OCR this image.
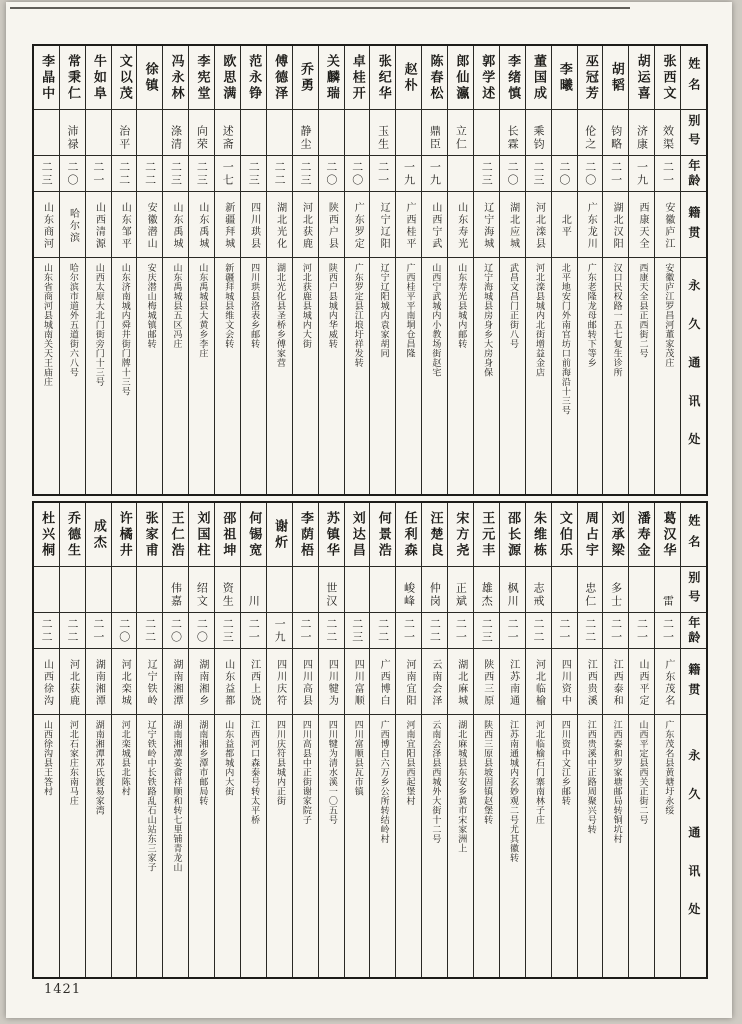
姓名
别号
年龄
籍贯
永久通讯处
张西文
效渠
二一
安徽庐江
安徽庐江罗昌河董家茂庄
胡运喜
济康
一九
西康天全
西康天全县正西街二号
胡韬
钧略
二一
湖北汉阳
汉口民权路一五七复生诊所
巫冠芳
伦之
二〇
广东龙川
广东老隆龙母邮转下等乡
李曦
二〇
北平
北平地安门外南官坊口前海沿十三号
董国成
乘钧
二三
河北滦县
河北滦县城内北街增益金店
李绪慎
长霖
二〇
湖北应城
武昌文昌门正街八号
郭学述
二三
辽宁海城
辽宁海城县房身乡大房身保
郎仙瀛
立仁
山东寿光
山东寿光县城内邮转
陈春松
鼎臣
一九
山西宁武
山西宁武城内小教场街赵宅
赵朴
一九
广西桂平
广西桂平平南垌仓昌隆
张纪华
玉生
二一
辽宁辽阳
辽宁辽阳城内袁家胡同
卓桂开
二〇
广东罗定
广东罗定县江埌圩祥发转
关麟瑞
二〇
陕西户县
陕西户县城内华威转
乔勇
静尘
二三
河北获鹿
河北获鹿县城内大街
傅德泽
二二
湖北光化
湖北光化县圣桥乡傅家营
范永铮
二三
四川珙县
四川珙县洛表乡邮转
欧思满
述斋
一七
新疆拜城
新疆拜城县维文会转
李宪堂
向荣
二三
山东禹城
山东禹城县大黄乡李庄
冯永林
涤清
二三
山东禹城
山东禹城县五区冯庄
徐镇
二二
安徽潜山
安庆潜山梅城镇邮转
文以茂
治平
二二
山东邹平
山东济南城内舜井街门牌十三号
牛如阜
二一
山西清源
山西太原大北门街旁门十三号
常秉仁
沛禄
二〇
哈尔滨
哈尔滨市道外五道街六八号
李晶中
二三
山东商河
山东省商河县城南关天王庙庄
姓名
别号
年龄
籍贯
永久通讯处
葛汉华
雷
二一
广东茂名
广东茂名县黄塘圩永绥
潘寿金
二一
山西平定
山西平定县西关正街二号
刘承梁
多士
二一
江西泰和
江西泰和罗家塘邮局转铜坑村
周占宇
忠仁
二二
江西贵溪
江西贵溪中正路周聚兴号转
文伯乐
二一
四川资中
四川资中文江乡邮转
朱维栋
志戒
二二
河北临榆
河北临榆石门寨南林子庄
邵长源
枫川
二一
江苏南通
江苏南通城内玄妙观二号尤其徽转
王元丰
雄杰
二三
陕西三原
陕西三原县坡固镇赵堡转
宋方尧
正斌
二一
湖北麻城
湖北麻城县东安乡黄市宋家洲上
汪楚良
仲岗
二二
云南会泽
云南会泽县西城外大街十二号
任利森
峻峰
二一
河南宜阳
河南宜阳县西起堡村
何景浩
二二
广西博白
广西博白六万乡公所转结岭村
刘达昌
二三
四川富顺
四川富顺县瓦市镇
苏镇华
世汉
二二
四川犍为
四川犍为清水溪一〇五号
李荫梧
二一
四川高县
四川高县中正街谢家院子
谢炘
一九
四川庆符
四川庆符县城内正街
何锡宽
川
二一
江西上饶
江西河口森泰号转太平桥
邵祖坤
资生
二三
山东益都
山东益都城内大街
刘国柱
绍文
二〇
湖南湘乡
湖南湘乡潭市邮局转
王仁浩
伟嘉
二〇
湖南湘潭
湖南湘潭姜畲祥顺和转七里铺青龙山
张家甫
二二
辽宁铁岭
辽宁铁岭中长铁路乱石山站东三家子
许橘井
二〇
河北栾城
河北栾城县北陈村
成杰
二一
湖南湘潭
湖南湘潭邓氏渡易家湾
乔德生
二二
河北获鹿
河北石家庄东南马庄
杜兴桐
二二
山西徐沟
山西徐沟县王答村
1421
